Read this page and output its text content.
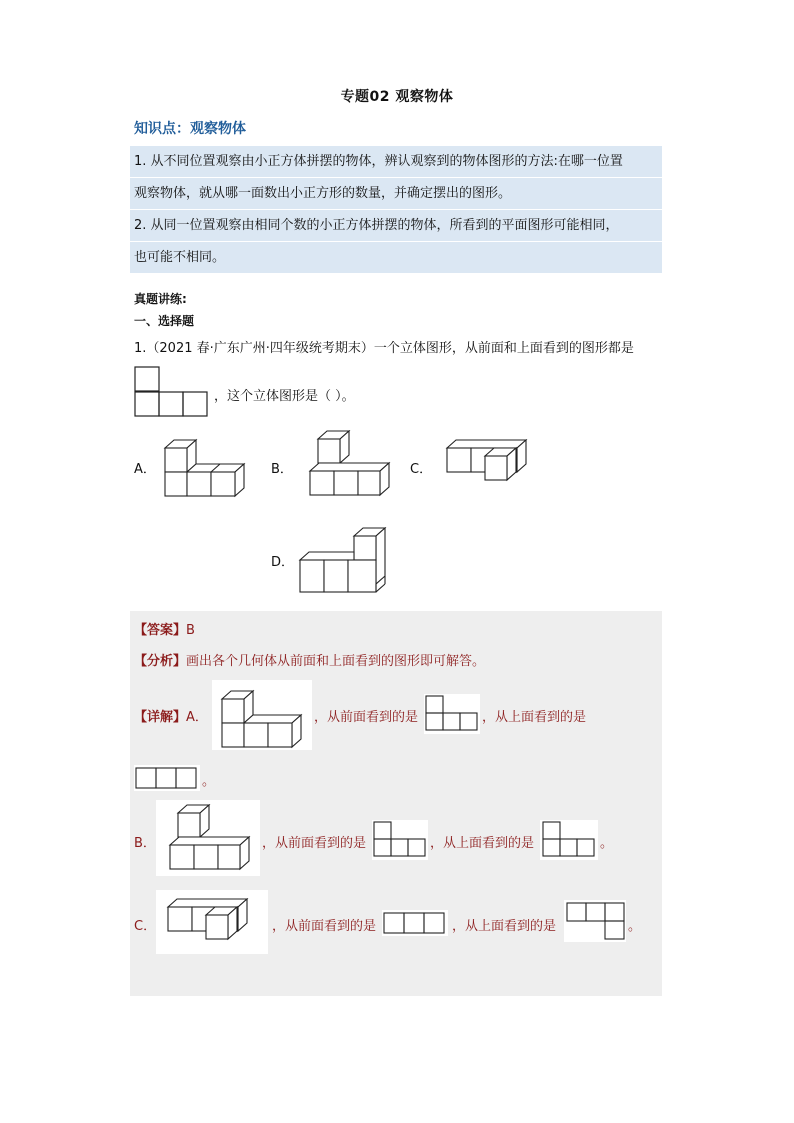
专题02 观察物体
知识点：观察物体

1. 从不同位置观察由小正方体拼摆的物体，辨认观察到的物体图形的方法:在哪一位置

观察物体，就从哪一面数出小正方形的数量，并确定摆出的图形。

2. 从同一位置观察由相同个数的小正方体拼摆的物体，所看到的平面图形可能相同，

也可能不相同。

真题讲练:
一、选择题
1.（2021 春·广东广州·四年级统考期末）一个立体图形，从前面和上面看到的图形都是
，这个立体图形是（ ）。
A．	B．	C．
D．
【答案】B
【分析】画出各个几何体从前面和上面看到的图形即可解答。
【详解】A．	，从前面看到的是	，从上面看到的是
。
B．	，从前面看到的是	，从上面看到的是	。
C．	，从前面看到的是	，从上面看到的是	。
